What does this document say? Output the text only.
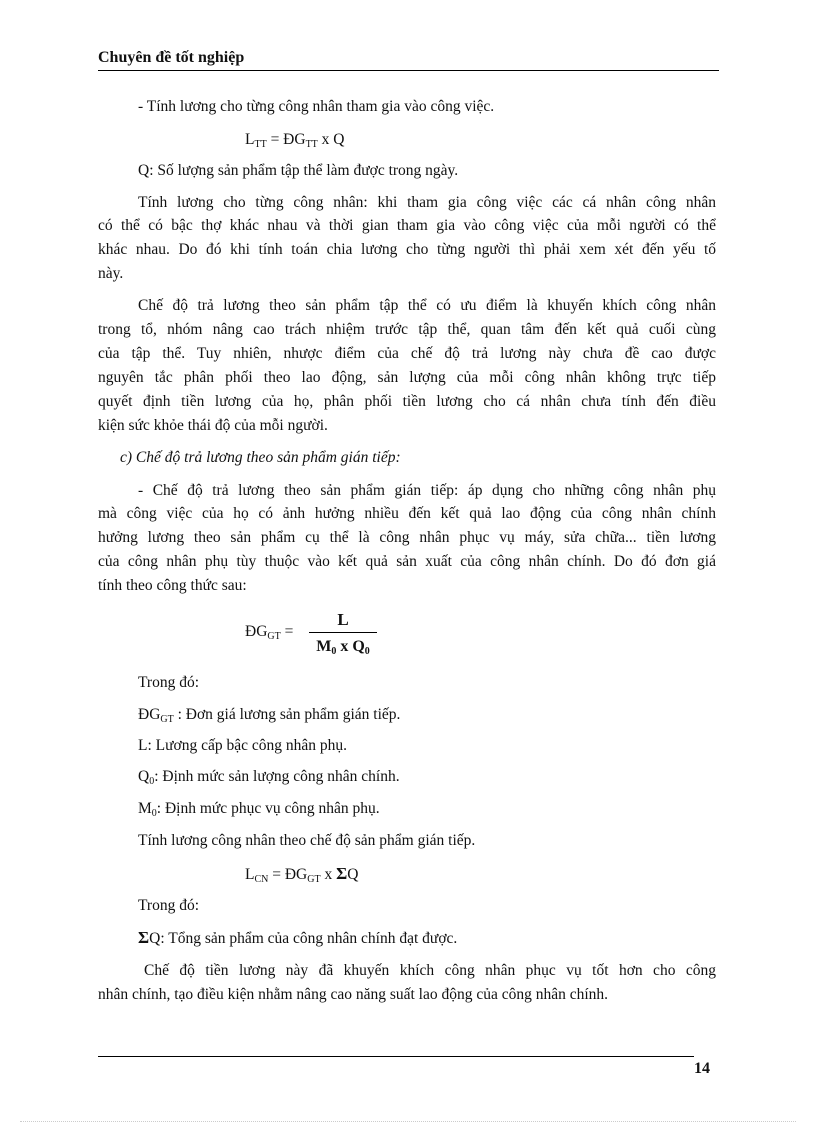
Chuyên đề tốt nghiệp
- Tính lương cho từng công nhân tham gia vào công việc.
$L_{TT}$ = $ĐG_{TT}$ x Q
Q: Số lượng sản phẩm tập thể làm được trong ngày.
Tính lương cho từng công nhân: khi tham gia công việc các cá nhân công nhân
có thể có bậc thợ khác nhau và thời gian tham gia vào công việc của mỗi người có thể
khác nhau. Do đó khi tính toán chia lương cho từng người thì phải xem xét đến yếu tố
này.
Chế độ trả lương theo sản phẩm tập thể có ưu điểm là khuyến khích công nhân
trong tổ, nhóm nâng cao trách nhiệm trước tập thể, quan tâm đến kết quả cuối cùng
của tập thể. Tuy nhiên, nhược điểm của chế độ trả lương này chưa đề cao được
nguyên tắc phân phối theo lao động, sản lượng của mỗi công nhân không trực tiếp
quyết định tiền lương của họ, phân phối tiền lương cho cá nhân chưa tính đến điều
kiện sức khỏe thái độ của mỗi người.
c) Chế độ trả lương theo sản phẩm gián tiếp:
- Chế độ trả lương theo sản phẩm gián tiếp: áp dụng cho những công nhân phụ
mà công việc của họ có ảnh hưởng nhiều đến kết quả lao động của công nhân chính
hưởng lương theo sản phẩm cụ thể là công nhân phục vụ máy, sửa chữa... tiền lương
của công nhân phụ tùy thuộc vào kết quả sản xuất của công nhân chính. Do đó đơn giá
tính theo công thức sau:
$ĐG_{GT}$ =
L
$M_0$ x $Q_0$
Trong đó:
$ĐG_{GT}$ : Đơn giá lương sản phẩm gián tiếp.
L: Lương cấp bậc công nhân phụ.
$Q_0$: Định mức sản lượng công nhân chính.
$M_0$: Định mức phục vụ công nhân phụ.
Tính lương công nhân theo chế độ sản phẩm gián tiếp.
$L_{CN}$ = $ĐG_{GT}$ x ΣQ
Trong đó:
ΣQ: Tổng sản phẩm của công nhân chính đạt được.
Chế độ tiền lương này đã khuyến khích công nhân phục vụ tốt hơn cho công
nhân chính, tạo điều kiện nhằm nâng cao năng suất lao động của công nhân chính.
14
